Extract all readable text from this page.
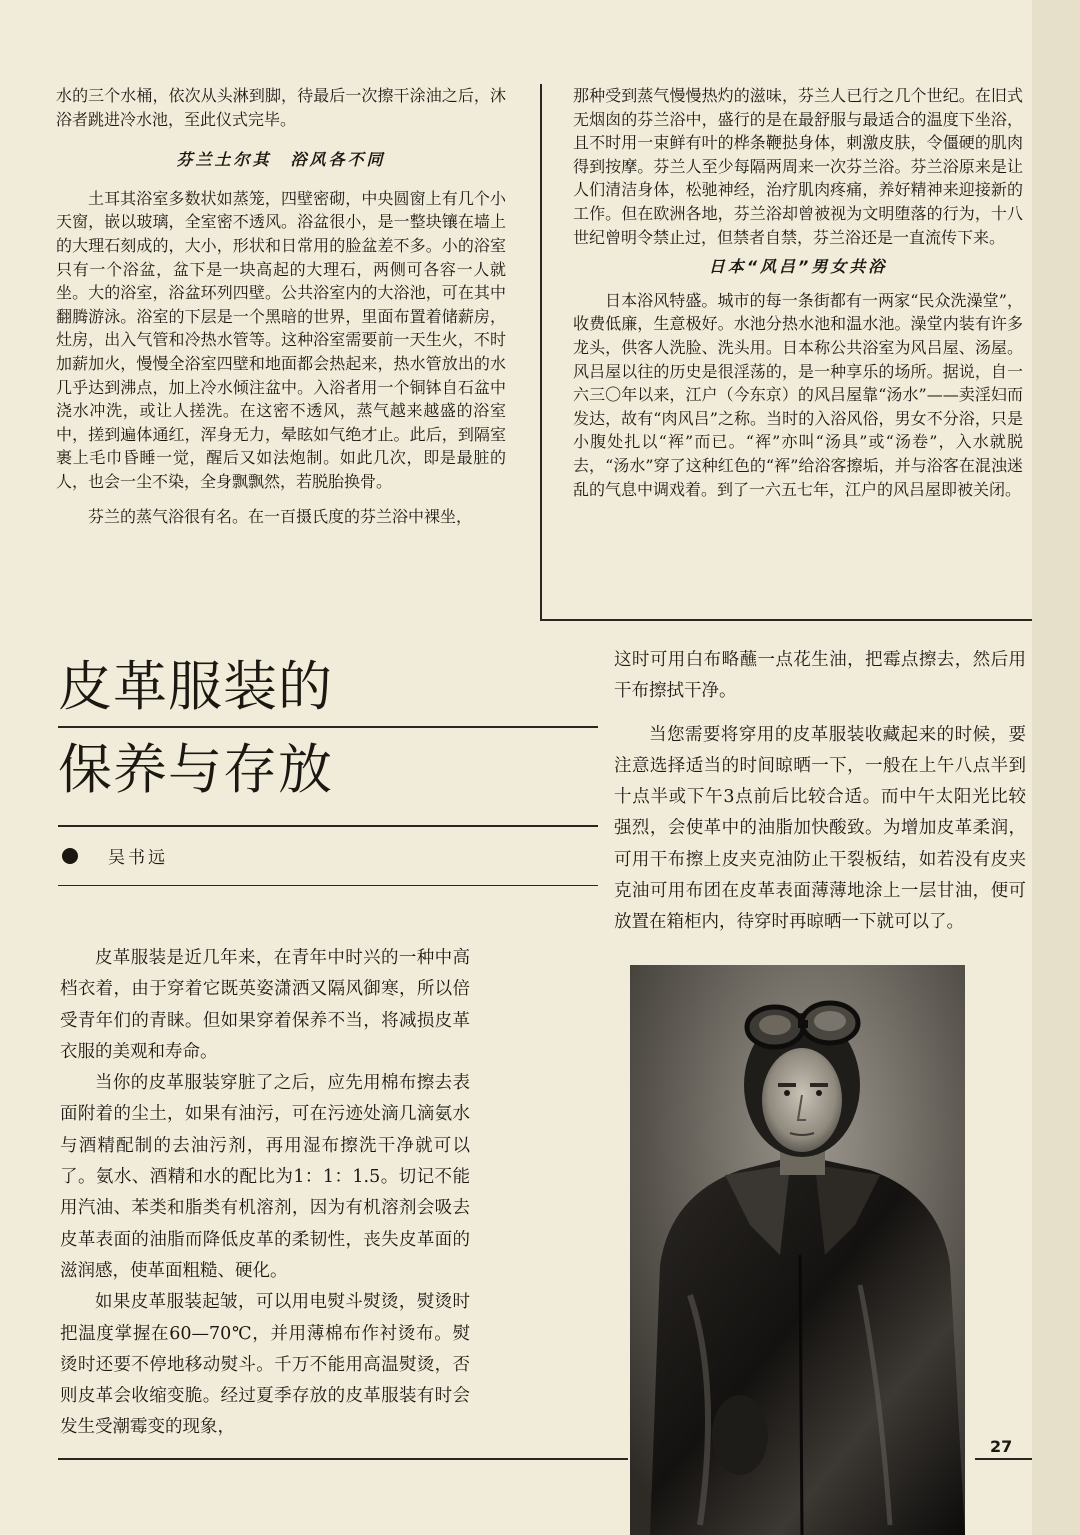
水的三个水桶，依次从头淋到脚，待最后一次擦干涂油之后，沐浴者跳进冷水池，至此仪式完毕。

芬兰土尔其　浴风各不同

土耳其浴室多数状如蒸笼，四壁密砌，中央圆窗上有几个小天窗，嵌以玻璃，全室密不透风。浴盆很小，是一整块镶在墙上的大理石刻成的，大小，形状和日常用的脸盆差不多。小的浴室只有一个浴盆，盆下是一块高起的大理石，两侧可各容一人就坐。大的浴室，浴盆环列四壁。公共浴室内的大浴池，可在其中翻腾游泳。浴室的下层是一个黑暗的世界，里面布置着储薪房，灶房，出入气管和冷热水管等。这种浴室需要前一天生火，不时加薪加火，慢慢全浴室四壁和地面都会热起来，热水管放出的水几乎达到沸点，加上冷水倾注盆中。入浴者用一个铜钵自石盆中浇水冲洗，或让人搓洗。在这密不透风，蒸气越来越盛的浴室中，搓到遍体通红，浑身无力，晕眩如气绝才止。此后，到隔室裹上毛巾昏睡一觉，醒后又如法炮制。如此几次，即是最脏的人，也会一尘不染，全身飘飘然，若脱胎换骨。

芬兰的蒸气浴很有名。在一百摄氏度的芬兰浴中裸坐，

那种受到蒸气慢慢热灼的滋味，芬兰人已行之几个世纪。在旧式无烟囱的芬兰浴中，盛行的是在最舒服与最适合的温度下坐浴，且不时用一束鲜有叶的桦条鞭挞身体，刺激皮肤，令僵硬的肌肉得到按摩。芬兰人至少每隔两周来一次芬兰浴。芬兰浴原来是让人们清洁身体，松驰神经，治疗肌肉疼痛，养好精神来迎接新的工作。但在欧洲各地，芬兰浴却曾被视为文明堕落的行为，十八世纪曾明令禁止过，但禁者自禁，芬兰浴还是一直流传下来。

日本“风吕”男女共浴

日本浴风特盛。城市的每一条街都有一两家“民众洗澡堂”，收费低廉，生意极好。水池分热水池和温水池。澡堂内装有许多龙头，供客人洗脸、洗头用。日本称公共浴室为风吕屋、汤屋。风吕屋以往的历史是很淫荡的，是一种享乐的场所。据说，自一六三〇年以来，江户（今东京）的风吕屋靠“汤水”——卖淫妇而发达，故有“肉风吕”之称。当时的入浴风俗，男女不分浴，只是小腹处扎以“裈”而已。“裈”亦叫“汤具”或“汤卷”，入水就脱去，“汤水”穿了这种红色的“裈”给浴客擦垢，并与浴客在混浊迷乱的气息中调戏着。到了一六五七年，江户的风吕屋即被关闭。

皮革服装的
保养与存放
吴书远

皮革服装是近几年来，在青年中时兴的一种中高档衣着，由于穿着它既英姿潇洒又隔风御寒，所以倍受青年们的青睐。但如果穿着保养不当，将减损皮革衣服的美观和寿命。

当你的皮革服装穿脏了之后，应先用棉布擦去表面附着的尘土，如果有油污，可在污迹处滴几滴氨水与酒精配制的去油污剂，再用湿布擦洗干净就可以了。氨水、酒精和水的配比为1：1：1.5。切记不能用汽油、苯类和脂类有机溶剂，因为有机溶剂会吸去皮革表面的油脂而降低皮革的柔韧性，丧失皮革面的滋润感，使革面粗糙、硬化。

如果皮革服装起皱，可以用电熨斗熨烫，熨烫时把温度掌握在60—70℃，并用薄棉布作衬烫布。熨烫时还要不停地移动熨斗。千万不能用高温熨烫，否则皮革会收缩变脆。经过夏季存放的皮革服装有时会发生受潮霉变的现象，

这时可用白布略蘸一点花生油，把霉点擦去，然后用干布擦拭干净。

当您需要将穿用的皮革服装收藏起来的时候，要注意选择适当的时间晾晒一下，一般在上午八点半到十点半或下午3点前后比较合适。而中午太阳光比较强烈，会使革中的油脂加快酸致。为增加皮革柔润，可用干布擦上皮夹克油防止干裂板结，如若没有皮夹克油可用布团在皮革表面薄薄地涂上一层甘油，便可放置在箱柜内，待穿时再晾晒一下就可以了。

27
